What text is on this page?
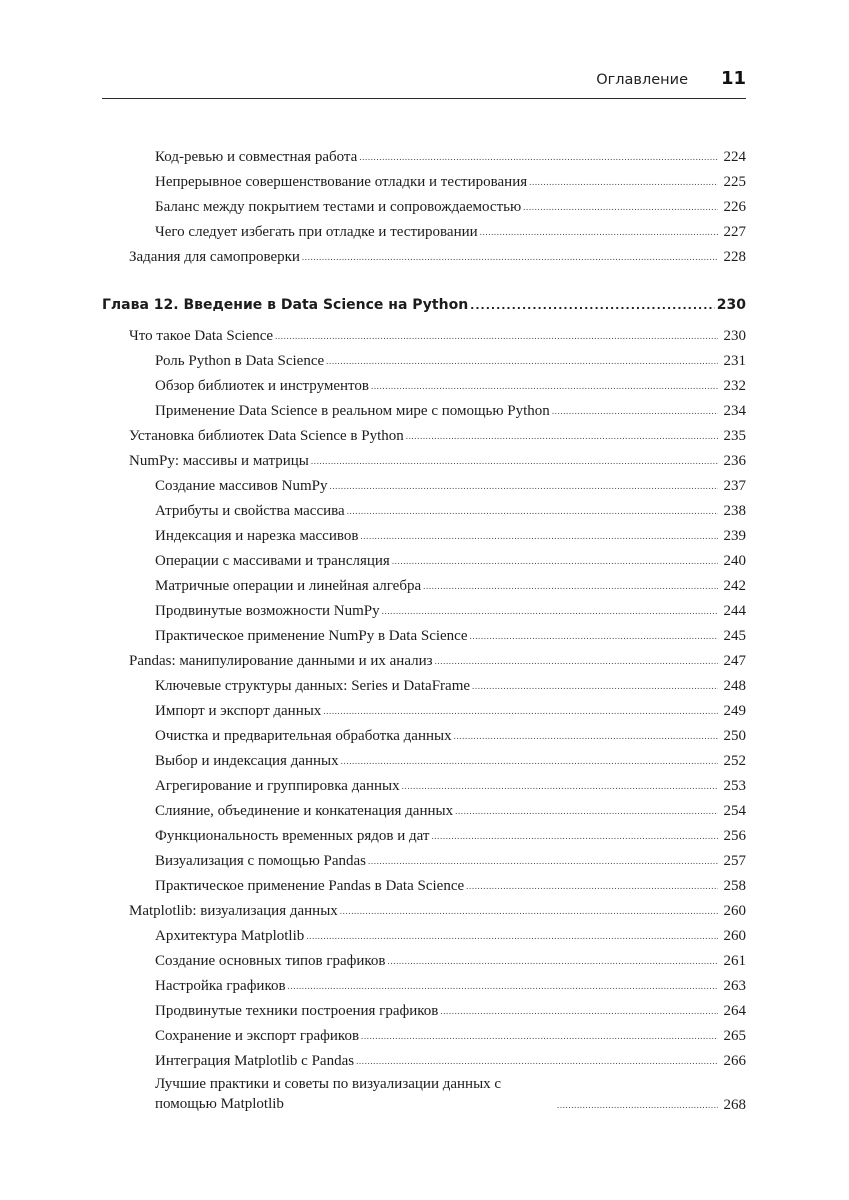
Оглавление 11
Код-ревью и совместная работа .....	224
Непрерывное совершенствование отладки и тестирования .....	225
Баланс между покрытием тестами и сопровождаемостью .....	226
Чего следует избегать при отладке и тестировании .....	227
Задания для самопроверки .....	228
Глава 12. Введение в Data Science на Python .....	230
Что такое Data Science .....	230
Роль Python в Data Science .....	231
Обзор библиотек и инструментов .....	232
Применение Data Science в реальном мире с помощью Python .....	234
Установка библиотек Data Science в Python .....	235
NumPy: массивы и матрицы .....	236
Создание массивов NumPy .....	237
Атрибуты и свойства массива .....	238
Индексация и нарезка массивов .....	239
Операции с массивами и трансляция .....	240
Матричные операции и линейная алгебра .....	242
Продвинутые возможности NumPy .....	244
Практическое применение NumPy в Data Science .....	245
Pandas: манипулирование данными и их анализ .....	247
Ключевые структуры данных: Series и DataFrame .....	248
Импорт и экспорт данных .....	249
Очистка и предварительная обработка данных .....	250
Выбор и индексация данных .....	252
Агрегирование и группировка данных .....	253
Слияние, объединение и конкатенация данных .....	254
Функциональность временных рядов и дат .....	256
Визуализация с помощью Pandas .....	257
Практическое применение Pandas в Data Science .....	258
Matplotlib: визуализация данных .....	260
Архитектура Matplotlib .....	260
Создание основных типов графиков .....	261
Настройка графиков .....	263
Продвинутые техники построения графиков .....	264
Сохранение и экспорт графиков .....	265
Интеграция Matplotlib с Pandas .....	266
Лучшие практики и советы по визуализации данных с помощью Matplotlib .....	268
